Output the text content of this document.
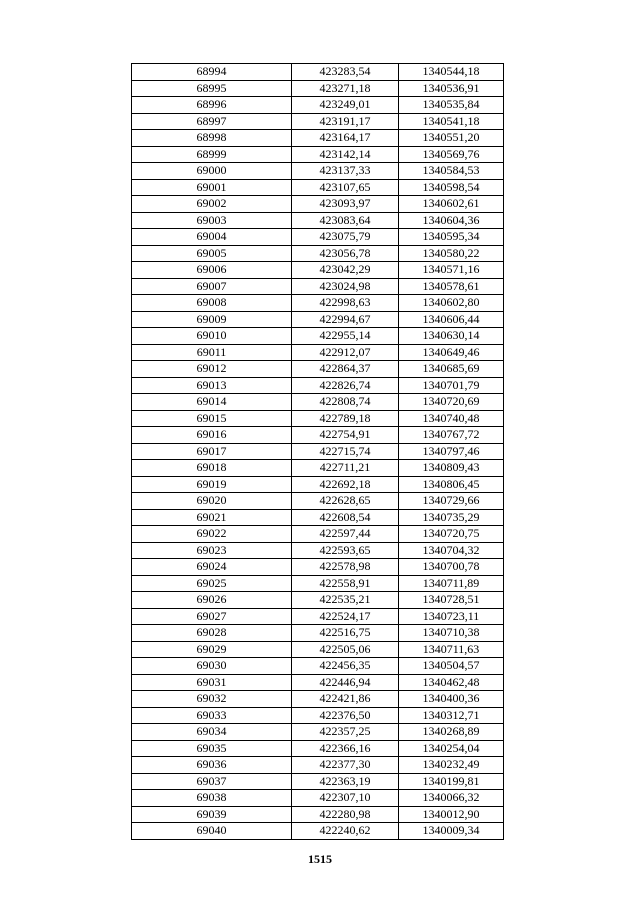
68994	423283,54	1340544,18
68995	423271,18	1340536,91
68996	423249,01	1340535,84
68997	423191,17	1340541,18
68998	423164,17	1340551,20
68999	423142,14	1340569,76
69000	423137,33	1340584,53
69001	423107,65	1340598,54
69002	423093,97	1340602,61
69003	423083,64	1340604,36
69004	423075,79	1340595,34
69005	423056,78	1340580,22
69006	423042,29	1340571,16
69007	423024,98	1340578,61
69008	422998,63	1340602,80
69009	422994,67	1340606,44
69010	422955,14	1340630,14
69011	422912,07	1340649,46
69012	422864,37	1340685,69
69013	422826,74	1340701,79
69014	422808,74	1340720,69
69015	422789,18	1340740,48
69016	422754,91	1340767,72
69017	422715,74	1340797,46
69018	422711,21	1340809,43
69019	422692,18	1340806,45
69020	422628,65	1340729,66
69021	422608,54	1340735,29
69022	422597,44	1340720,75
69023	422593,65	1340704,32
69024	422578,98	1340700,78
69025	422558,91	1340711,89
69026	422535,21	1340728,51
69027	422524,17	1340723,11
69028	422516,75	1340710,38
69029	422505,06	1340711,63
69030	422456,35	1340504,57
69031	422446,94	1340462,48
69032	422421,86	1340400,36
69033	422376,50	1340312,71
69034	422357,25	1340268,89
69035	422366,16	1340254,04
69036	422377,30	1340232,49
69037	422363,19	1340199,81
69038	422307,10	1340066,32
69039	422280,98	1340012,90
69040	422240,62	1340009,34
1515
